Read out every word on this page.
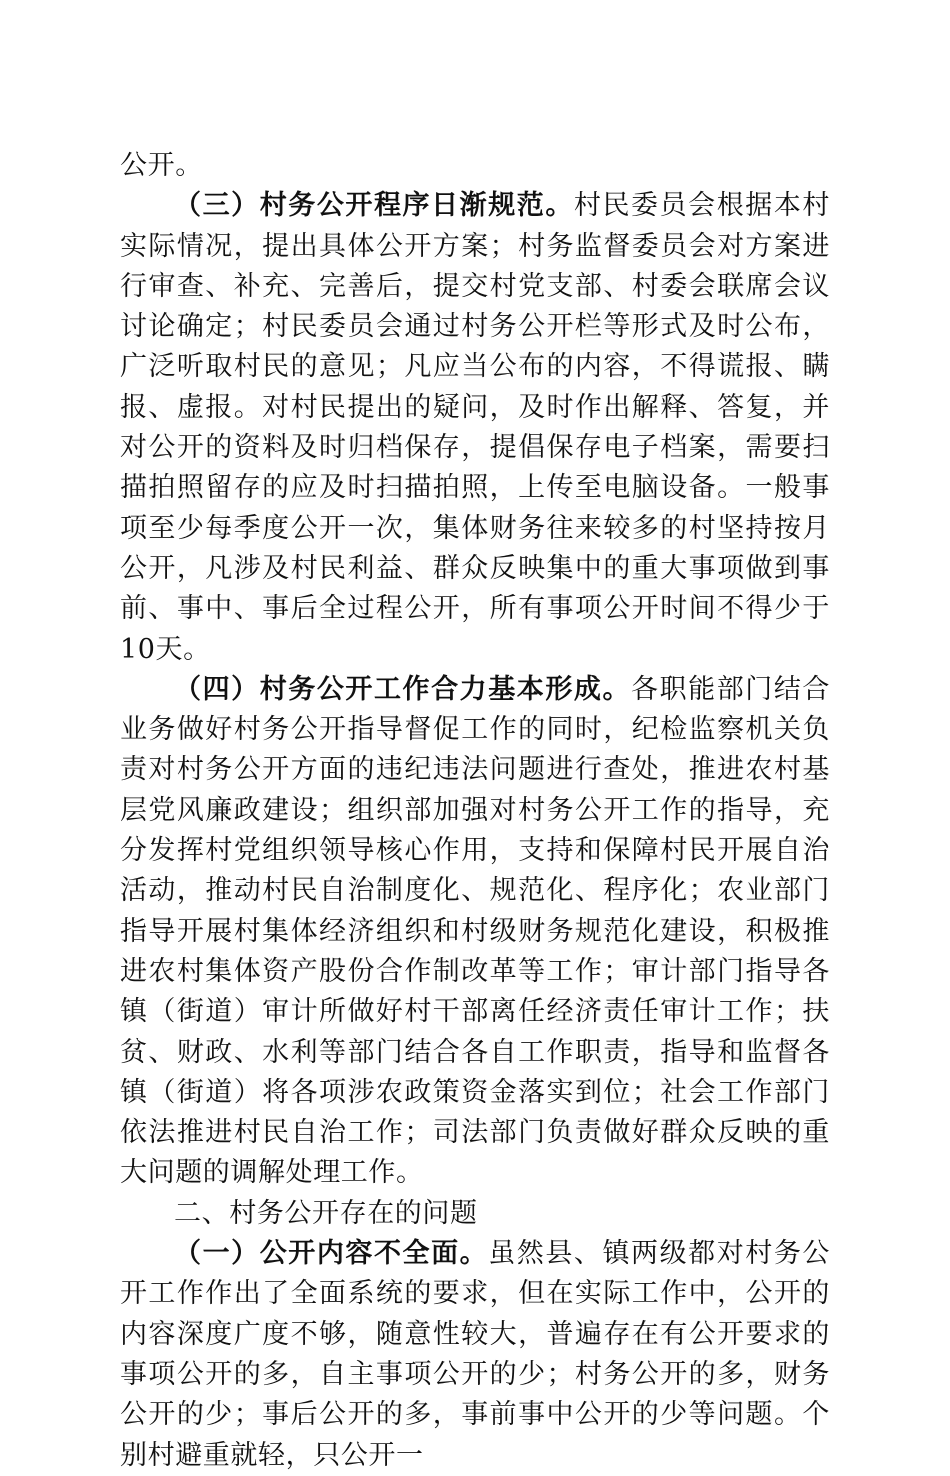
公开。

（三）村务公开程序日渐规范。村民委员会根据本村实际情况，提出具体公开方案；村务监督委员会对方案进行审查、补充、完善后，提交村党支部、村委会联席会议讨论确定；村民委员会通过村务公开栏等形式及时公布，广泛听取村民的意见；凡应当公布的内容，不得谎报、瞒报、虚报。对村民提出的疑问，及时作出解释、答复，并对公开的资料及时归档保存，提倡保存电子档案，需要扫描拍照留存的应及时扫描拍照，上传至电脑设备。一般事项至少每季度公开一次，集体财务往来较多的村坚持按月公开，凡涉及村民利益、群众反映集中的重大事项做到事前、事中、事后全过程公开，所有事项公开时间不得少于10天。

（四）村务公开工作合力基本形成。各职能部门结合业务做好村务公开指导督促工作的同时，纪检监察机关负责对村务公开方面的违纪违法问题进行查处，推进农村基层党风廉政建设；组织部加强对村务公开工作的指导，充分发挥村党组织领导核心作用，支持和保障村民开展自治活动，推动村民自治制度化、规范化、程序化；农业部门指导开展村集体经济组织和村级财务规范化建设，积极推进农村集体资产股份合作制改革等工作；审计部门指导各镇（街道）审计所做好村干部离任经济责任审计工作；扶贫、财政、水利等部门结合各自工作职责，指导和监督各镇（街道）将各项涉农政策资金落实到位；社会工作部门依法推进村民自治工作；司法部门负责做好群众反映的重大问题的调解处理工作。

二、村务公开存在的问题

（一）公开内容不全面。虽然县、镇两级都对村务公开工作作出了全面系统的要求，但在实际工作中，公开的内容深度广度不够，随意性较大，普遍存在有公开要求的事项公开的多，自主事项公开的少；村务公开的多，财务公开的少；事后公开的多，事前事中公开的少等问题。个别村避重就轻，只公开一
